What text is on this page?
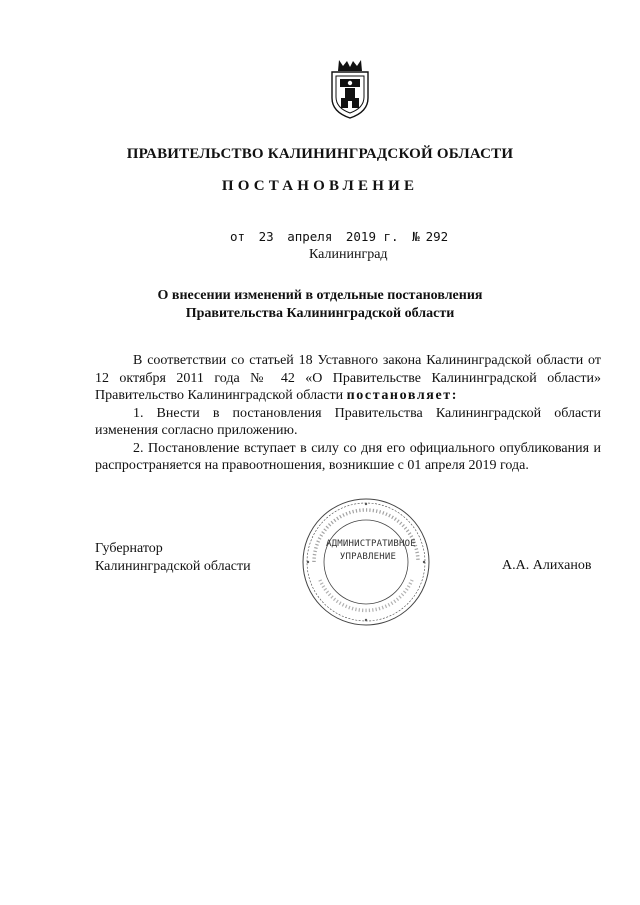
ПРАВИТЕЛЬСТВО КАЛИНИНГРАДСКОЙ ОБЛАСТИ
ПОСТАНОВЛЕНИЕ
от 23 апреля 2019 г. № 292
Калининград
О внесении изменений в отдельные постановления
Правительства Калининградской области

В соответствии со статьей 18 Уставного закона Калининградской области от 12 октября 2011 года № 42 «О Правительстве Калининградской области» Правительство Калининградской области постановляет:

1. Внести в постановления Правительства Калининградской области изменения согласно приложению.

2. Постановление вступает в силу со дня его официального опубликования и распространяется на правоотношения, возникшие с 01 апреля 2019 года.

Губернатор
Калининградской области	А.А. Алиханов
АДМИНИСТРАТИВНОЕ
УПРАВЛЕНИЕ
